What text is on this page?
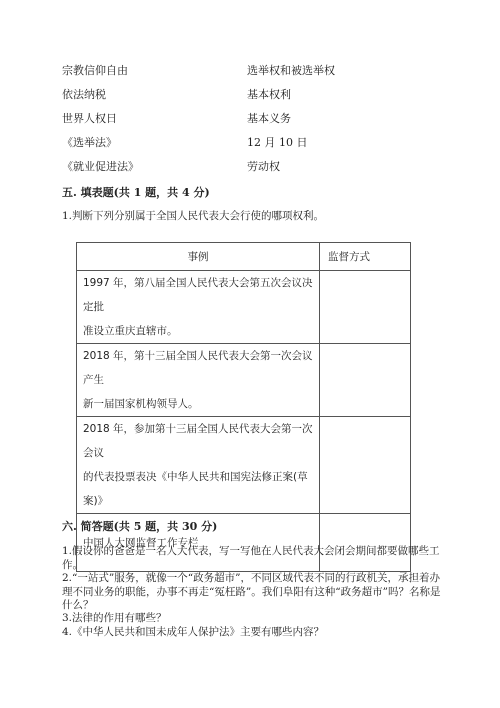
宗教信仰自由	选举权和被选举权
依法纳税	基本权利
世界人权日	基本义务
《选举法》	12 月 10 日
《就业促进法》	劳动权
五. 填表题(共 1 题，共 4 分)
1.判断下列分别属于全国人民代表大会行使的哪项权利。
事例	监督方式

1997 年，第八届全国人民代表大会第五次会议决定批
准设立重庆直辖市。	

2018 年，第十三届全国人民代表大会第一次会议产生
新一届国家机构领导人。	

2018 年，参加第十三届全国人民代表大会第一次会议
的代表投票表决《中华人民共和国宪法修正案(草案)》	

中国人大网监督工作专栏	

六. 简答题(共 5 题，共 30 分)
1.假设你的爸爸是一名人大代表，写一写他在人民代表大会闭会期间都要做哪些工作。
2.“一站式”服务，就像一个“政务超市”，不同区域代表不同的行政机关，承担着办理不同业务的职能，办事不再走“冤枉路”。我们阜阳有这种“政务超市”吗？名称是什么？
3.法律的作用有哪些？
4.《中华人民共和国未成年人保护法》主要有哪些内容？
